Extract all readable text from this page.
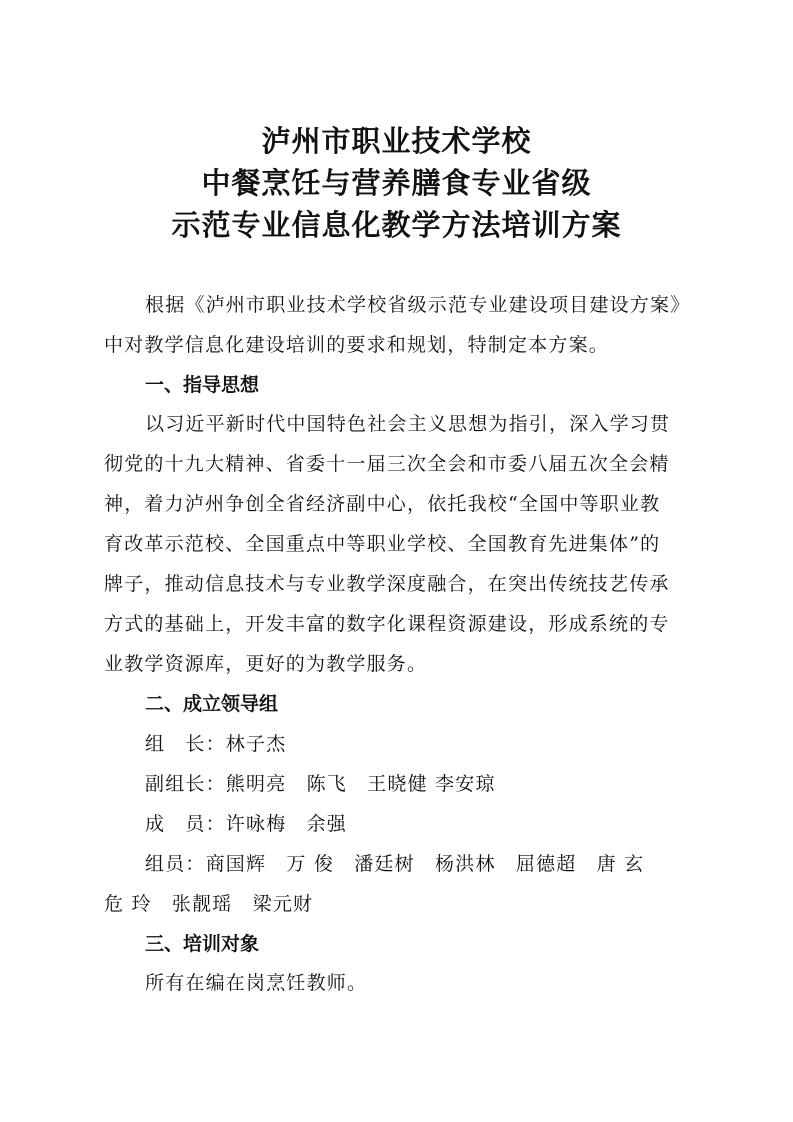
泸州市职业技术学校
中餐烹饪与营养膳食专业省级
示范专业信息化教学方法培训方案
根据《泸州市职业技术学校省级示范专业建设项目建设方案》
中对教学信息化建设培训的要求和规划，特制定本方案。
一、指导思想
以习近平新时代中国特色社会主义思想为指引，深入学习贯
彻党的十九大精神、省委十一届三次全会和市委八届五次全会精
神，着力泸州争创全省经济副中心，依托我校“全国中等职业教
育改革示范校、全国重点中等职业学校、全国教育先进集体”的
牌子，推动信息技术与专业教学深度融合，在突出传统技艺传承
方式的基础上，开发丰富的数字化课程资源建设，形成系统的专
业教学资源库，更好的为教学服务。
二、成立领导组
组　长：林子杰
副组长：熊明亮　陈飞　王晓健 李安琼
成　员：许咏梅　余强
组员：商国辉　万 俊　潘廷树　杨洪林　屈德超　唐 玄
危 玲　张靓瑶　梁元财
三、培训对象
所有在编在岗烹饪教师。
